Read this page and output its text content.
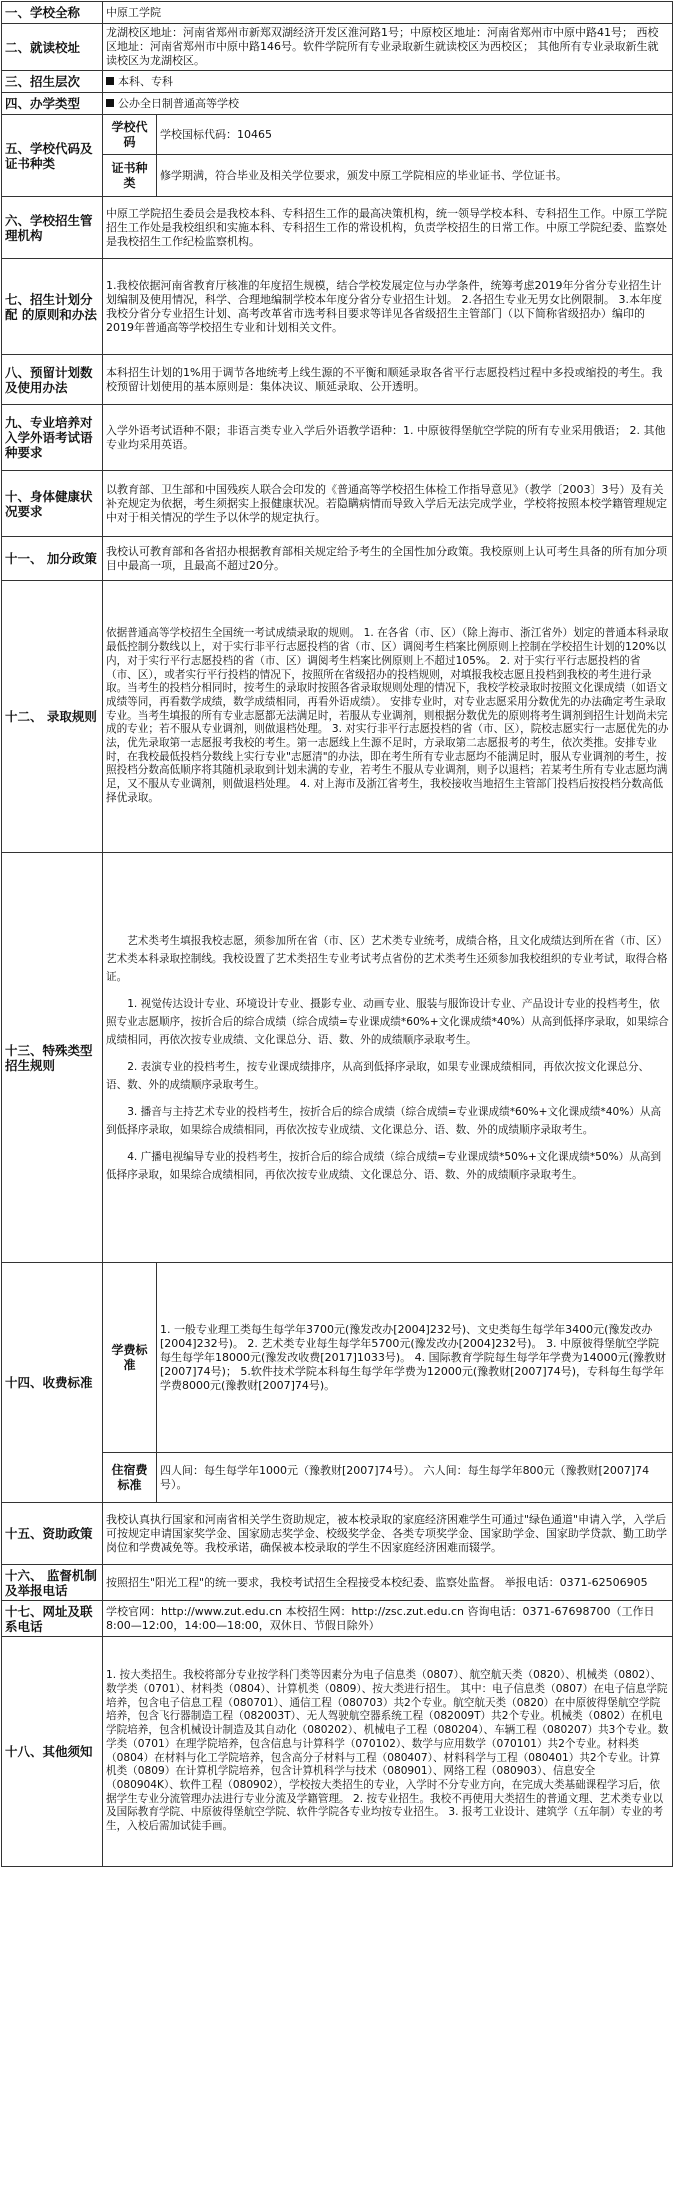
一、学校全称	中原工学院	
二、就读校址	龙湖校区地址：河南省郑州市新郑双湖经济开发区淮河路1号；中原校区地址：河南省郑州市中原中路41号； 西校区地址：河南省郑州市中原中路146号。软件学院所有专业录取新生就读校区为西校区； 其他所有专业录取新生就读校区为龙湖校区。	
三、招生层次	本科、专科	
四、办学类型	公办全日制普通高等学校	
五、学校代码及证书种类	学校代码	学校国标代码：10465
	证书种类	修学期满，符合毕业及相关学位要求，颁发中原工学院相应的毕业证书、学位证书。
六、学校招生管理机构	中原工学院招生委员会是我校本科、专科招生工作的最高决策机构，统一领导学校本科、专科招生工作。中原工学院招生工作处是我校组织和实施本科、专科招生工作的常设机构，负责学校招生的日常工作。中原工学院纪委、监察处是我校招生工作纪检监察机构。	
七、招生计划分配 的原则和办法	1.我校依据河南省教育厅核准的年度招生规模，结合学校发展定位与办学条件，统筹考虑2019年分省分专业招生计划编制及使用情况，科学、合理地编制学校本年度分省分专业招生计划。 2.各招生专业无男女比例限制。 3.本年度我校分省分专业招生计划、高考改革省市选考科目要求等详见各省级招生主管部门（以下简称省级招办）编印的2019年普通高等学校招生专业和计划相关文件。	
八、预留计划数及使用办法	本科招生计划的1%用于调节各地统考上线生源的不平衡和顺延录取各省平行志愿投档过程中多投或缩投的考生。我校预留计划使用的基本原则是：集体决议、顺延录取、公开透明。	
九、专业培养对入学外语考试语种要求	入学外语考试语种不限；非语言类专业入学后外语教学语种：1. 中原彼得堡航空学院的所有专业采用俄语； 2. 其他专业均采用英语。	
十、身体健康状况要求	以教育部、卫生部和中国残疾人联合会印发的《普通高等学校招生体检工作指导意见》（教学〔2003〕3号）及有关补充规定为依据，考生须据实上报健康状况。若隐瞒病情而导致入学后无法完成学业，学校将按照本校学籍管理规定中对于相关情况的学生予以休学的规定执行。	
十一、 加分政策	我校认可教育部和各省招办根据教育部相关规定给予考生的全国性加分政策。我校原则上认可考生具备的所有加分项目中最高一项，且最高不超过20分。	
十二、 录取规则	依据普通高等学校招生全国统一考试成绩录取的规则。 1. 在各省（市、区）（除上海市、浙江省外）划定的普通本科录取最低控制分数线以上，对于实行非平行志愿投档的省（市、区）调阅考生档案比例原则上控制在学校招生计划的120%以内，对于实行平行志愿投档的省（市、区）调阅考生档案比例原则上不超过105%。 2. 对于实行平行志愿投档的省（市、区），或者实行平行投档的情况下，按照所在省级招办的投档规则，对填报我校志愿且投档到我校的考生进行录取。当考生的投档分相同时，按考生的录取时按照各省录取规则处理的情况下，我校学校录取时按照文化课成绩（如语文成绩等同，再看数学成绩，数学成绩相同，再看外语成绩）。 安排专业时，对专业志愿采用分数优先的办法确定考生录取专业。当考生填报的所有专业志愿都无法满足时，若服从专业调剂，则根据分数优先的原则将考生调剂到招生计划尚未完成的专业；若不服从专业调剂，则做退档处理。 3. 对实行非平行志愿投档的省（市、区），院校志愿实行一志愿优先的办法，优先录取第一志愿报考我校的考生。第一志愿线上生源不足时，方录取第二志愿报考的考生，依次类推。安排专业时，在我校最低投档分数线上实行专业"志愿清"的办法，即在考生所有专业志愿均不能满足时，服从专业调剂的考生，按照投档分数高低顺序将其随机录取到计划未满的专业，若考生不服从专业调剂，则予以退档；若某考生所有专业志愿均满足，又不服从专业调剂，则做退档处理。 4. 对上海市及浙江省考生，我校接收当地招生主管部门投档后按投档分数高低择优录取。	
十三、特殊类型招生规则	艺术类考生填报我校志愿，须参加所在省（市、区）艺术类专业统考，成绩合格，且文化成绩达到所在省（市、区）艺术类本科录取控制线。我校设置了艺术类招生专业考试考点省份的艺术类考生还须参加我校组织的专业考试，取得合格证。

1. 视觉传达设计专业、环境设计专业、摄影专业、动画专业、服装与服饰设计专业、产品设计专业的投档考生，依照专业志愿顺序，按折合后的综合成绩（综合成绩=专业课成绩*60%+文化课成绩*40%）从高到低择序录取，如果综合成绩相同，再依次按专业成绩、文化课总分、语、数、外的成绩顺序录取考生。

2. 表演专业的投档考生，按专业课成绩排序，从高到低择序录取，如果专业课成绩相同，再依次按文化课总分、语、数、外的成绩顺序录取考生。

3. 播音与主持艺术专业的投档考生，按折合后的综合成绩（综合成绩=专业课成绩*60%+文化课成绩*40%）从高到低择序录取，如果综合成绩相同，再依次按专业成绩、文化课总分、语、数、外的成绩顺序录取考生。

4. 广播电视编导专业的投档考生，按折合后的综合成绩（综合成绩=专业课成绩*50%+文化课成绩*50%）从高到低择序录取，如果综合成绩相同，再依次按专业成绩、文化课总分、语、数、外的成绩顺序录取考生。	

十四、收费标准	学费标准	1. 一般专业理工类每生每学年3700元(豫发改办[2004]232号)、文史类每生每学年3400元(豫发改办[2004]232号)。 2. 艺术类专业每生每学年5700元(豫发改办[2004]232号)。 3. 中原彼得堡航空学院每生每学年18000元(豫发改收费[2017]1033号)。 4. 国际教育学院每生每学年学费为14000元(豫教财[2007]74号)； 5.软件技术学院本科每生每学年学费为12000元(豫教财[2007]74号)，专科每生每学年学费8000元(豫教财[2007]74号)。
	住宿费标准	四人间：每生每学年1000元（豫教财[2007]74号）。 六人间：每生每学年800元（豫教财[2007]74号）。
十五、资助政策	我校认真执行国家和河南省相关学生资助规定，被本校录取的家庭经济困难学生可通过"绿色通道"申请入学，入学后可按规定申请国家奖学金、国家励志奖学金、校级奖学金、各类专项奖学金、国家助学金、国家助学贷款、勤工助学岗位和学费减免等。我校承诺，确保被本校录取的学生不因家庭经济困难而辍学。	
十六、 监督机制及举报电话	按照招生"阳光工程"的统一要求，我校考试招生全程接受本校纪委、监察处监督。 举报电话：0371-62506905	
十七、网址及联系电话	学校官网：http://www.zut.edu.cn 本校招生网：http://zsc.zut.edu.cn 咨询电话：0371-67698700（工作日 8:00—12:00，14:00—18:00，双休日、节假日除外）	
十八、其他须知	1. 按大类招生。我校将部分专业按学科门类等因素分为电子信息类（0807）、航空航天类（0820）、机械类（0802）、数学类（0701）、材料类（0804）、计算机类（0809）、按大类进行招生。 其中：电子信息类（0807）在电子信息学院培养，包含电子信息工程（080701）、通信工程（080703）共2个专业。航空航天类（0820）在中原彼得堡航空学院培养，包含飞行器制造工程（082003T）、无人驾驶航空器系统工程（082009T）共2个专业。机械类（0802）在机电学院培养，包含机械设计制造及其自动化（080202）、机械电子工程（080204）、车辆工程（080207）共3个专业。数学类（0701）在理学院培养，包含信息与计算科学（070102）、数学与应用数学（070101）共2个专业。材料类（0804）在材料与化工学院培养，包含高分子材料与工程（080407）、材料科学与工程（080401）共2个专业。计算机类（0809）在计算机学院培养，包含计算机科学与技术（080901）、网络工程（080903）、信息安全（080904K）、软件工程（080902），学校按大类招生的专业，入学时不分专业方向，在完成大类基础课程学习后，依据学生专业分流管理办法进行专业分流及学籍管理。 2. 按专业招生。我校不再使用大类招生的普通文理、艺术类专业以及国际教育学院、中原彼得堡航空学院、软件学院各专业均按专业招生。 3. 报考工业设计、建筑学（五年制）专业的考生，入校后需加试徒手画。	
